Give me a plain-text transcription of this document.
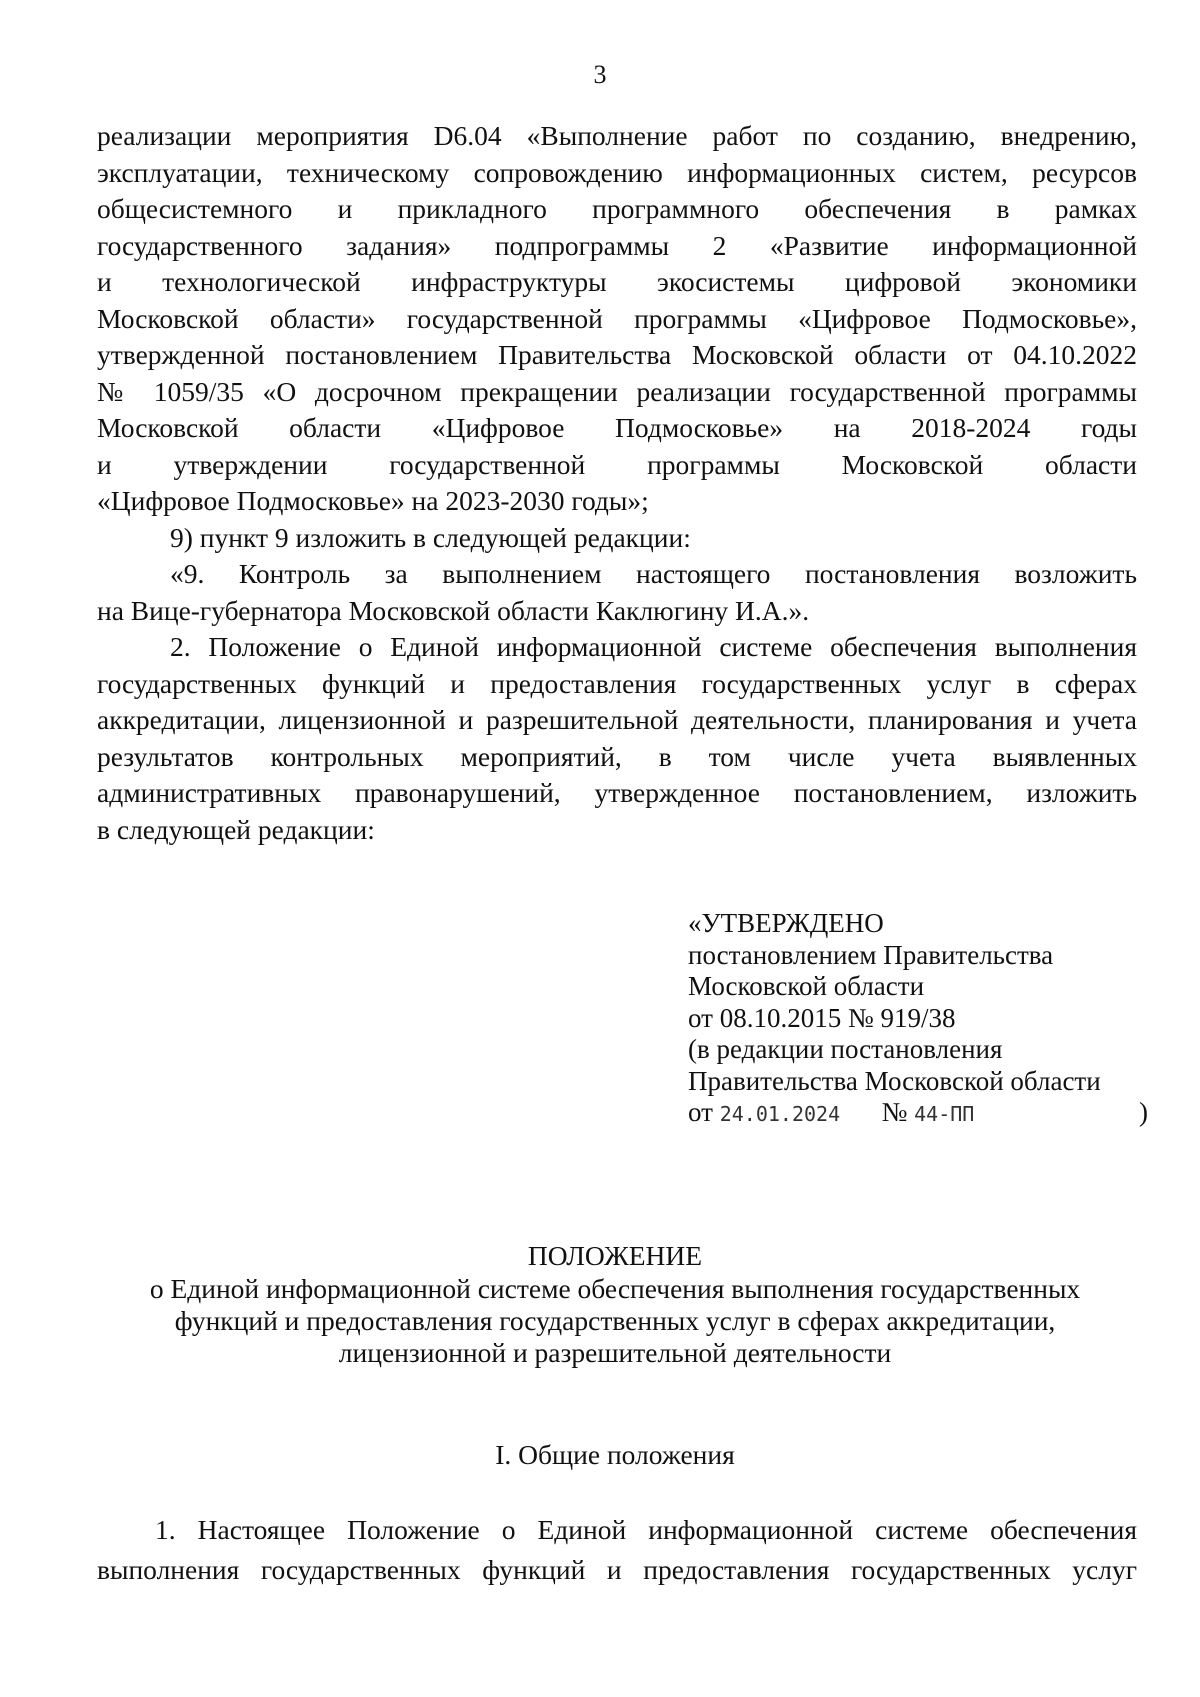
3
реализации мероприятия D6.04 «Выполнение работ по созданию, внедрению,
эксплуатации, техническому сопровождению информационных систем, ресурсов
общесистемного и прикладного программного обеспечения в рамках
государственного задания» подпрограммы 2 «Развитие информационной
и технологической инфраструктуры экосистемы цифровой экономики
Московской области» государственной программы «Цифровое Подмосковье»,
утвержденной постановлением Правительства Московской области от 04.10.2022
№ 1059/35 «О досрочном прекращении реализации государственной программы
Московской области «Цифровое Подмосковье» на 2018-2024 годы
и утверждении государственной программы Московской области
«Цифровое Подмосковье» на 2023-2030 годы»;
9) пункт 9 изложить в следующей редакции:
«9. Контроль за выполнением настоящего постановления возложить
на Вице-губернатора Московской области Каклюгину И.А.».
2. Положение о Единой информационной системе обеспечения выполнения
государственных функций и предоставления государственных услуг в сферах
аккредитации, лицензионной и разрешительной деятельности, планирования и учета
результатов контрольных мероприятий, в том числе учета выявленных
административных правонарушений, утвержденное постановлением, изложить
в следующей редакции:
«УТВЕРЖДЕНО
постановлением Правительства
Московской области
от 08.10.2015 № 919/38
(в редакции постановления
Правительства Московской области
от 24.01.2024 № 44-ПП	)
ПОЛОЖЕНИЕ
о Единой информационной системе обеспечения выполнения государственных
функций и предоставления государственных услуг в сферах аккредитации,
лицензионной и разрешительной деятельности
I. Общие положения
1. Настоящее Положение о Единой информационной системе обеспечения
выполнения государственных функций и предоставления государственных услуг
